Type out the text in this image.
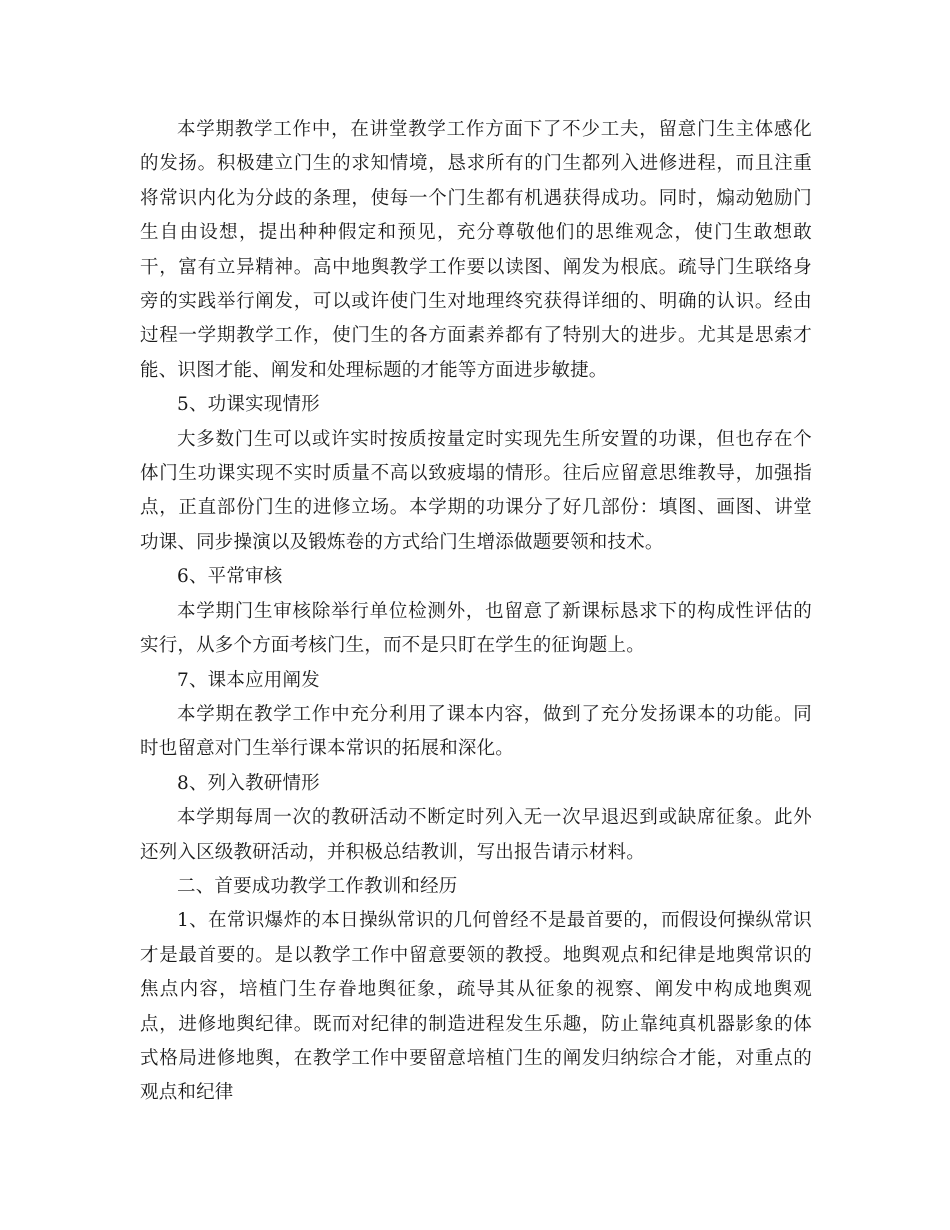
本学期教学工作中，在讲堂教学工作方面下了不少工夫，留意门生主体感化的发扬。积极建立门生的求知情境，恳求所有的门生都列入进修进程，而且注重将常识内化为分歧的条理，使每一个门生都有机遇获得成功。同时，煽动勉励门生自由设想，提出种种假定和预见，充分尊敬他们的思维观念，使门生敢想敢干，富有立异精神。高中地舆教学工作要以读图、阐发为根底。疏导门生联络身旁的实践举行阐发，可以或许使门生对地理终究获得详细的、明确的认识。经由过程一学期教学工作，使门生的各方面素养都有了特别大的进步。尤其是思索才能、识图才能、阐发和处理标题的才能等方面进步敏捷。

5、功课实现情形

大多数门生可以或许实时按质按量定时实现先生所安置的功课，但也存在个体门生功课实现不实时质量不高以致疲塌的情形。往后应留意思维教导，加强指点，正直部份门生的进修立场。本学期的功课分了好几部份：填图、画图、讲堂功课、同步操演以及锻炼卷的方式给门生增添做题要领和技术。

6、平常审核

本学期门生审核除举行单位检测外，也留意了新课标恳求下的构成性评估的实行，从多个方面考核门生，而不是只盯在学生的征询题上。

7、课本应用阐发

本学期在教学工作中充分利用了课本内容，做到了充分发扬课本的功能。同时也留意对门生举行课本常识的拓展和深化。

8、列入教研情形

本学期每周一次的教研活动不断定时列入无一次早退迟到或缺席征象。此外还列入区级教研活动，并积极总结教训，写出报告请示材料。

二、首要成功教学工作教训和经历

1、在常识爆炸的本日操纵常识的几何曾经不是最首要的，而假设何操纵常识才是最首要的。是以教学工作中留意要领的教授。地舆观点和纪律是地舆常识的焦点内容，培植门生存眷地舆征象，疏导其从征象的视察、阐发中构成地舆观点，进修地舆纪律。既而对纪律的制造进程发生乐趣，防止靠纯真机器影象的体式格局进修地舆，在教学工作中要留意培植门生的阐发归纳综合才能，对重点的观点和纪律
